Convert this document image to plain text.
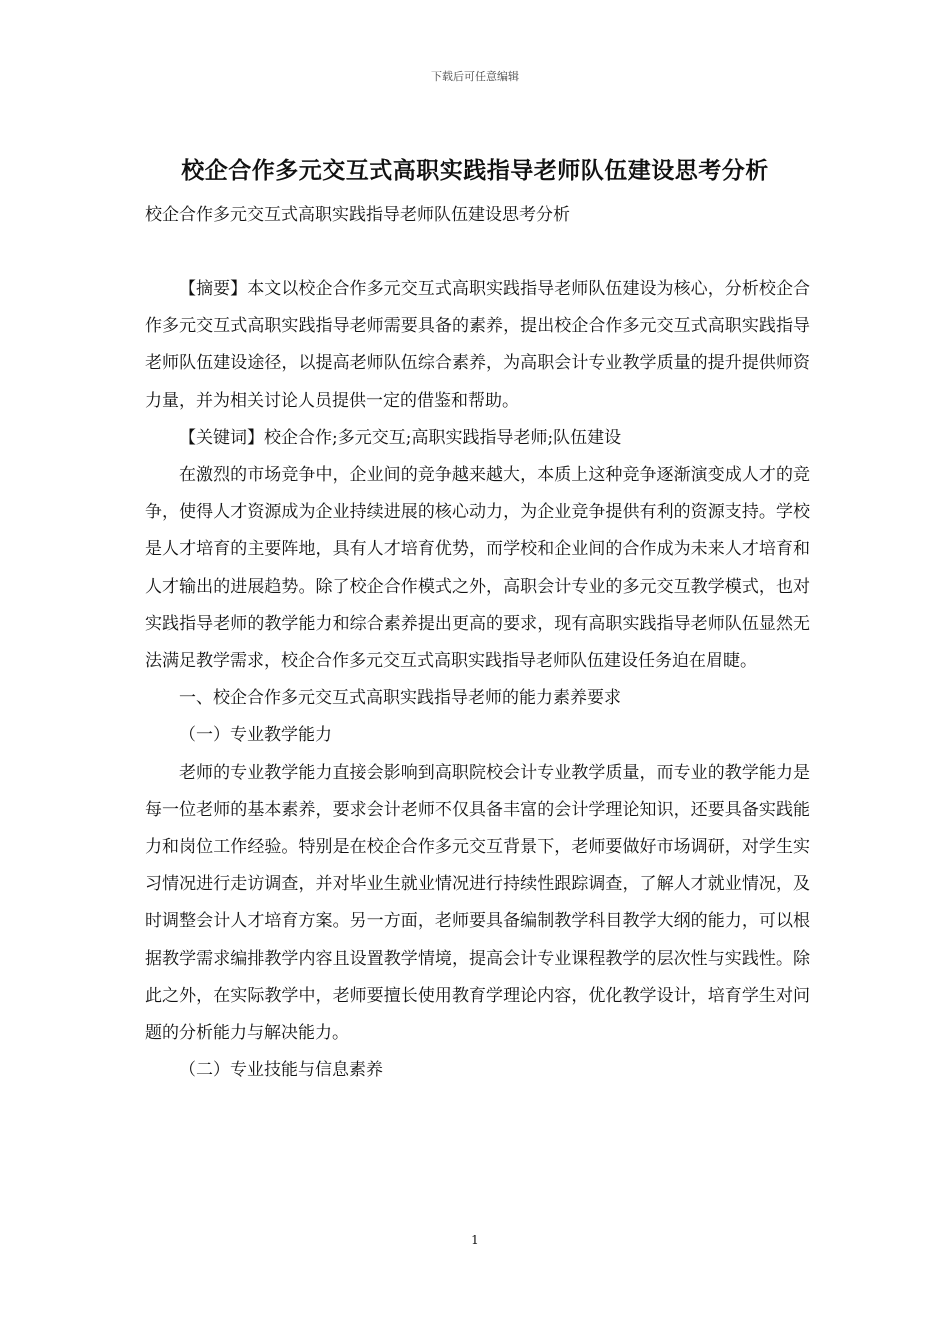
下载后可任意编辑
校企合作多元交互式高职实践指导老师队伍建设思考分析
校企合作多元交互式高职实践指导老师队伍建设思考分析

【摘要】本文以校企合作多元交互式高职实践指导老师队伍建设为核心，分析校企合作多元交互式高职实践指导老师需要具备的素养，提出校企合作多元交互式高职实践指导老师队伍建设途径，以提高老师队伍综合素养，为高职会计专业教学质量的提升提供师资力量，并为相关讨论人员提供一定的借鉴和帮助。

【关键词】校企合作;多元交互;高职实践指导老师;队伍建设

在激烈的市场竞争中，企业间的竞争越来越大，本质上这种竞争逐渐演变成人才的竞争，使得人才资源成为企业持续进展的核心动力，为企业竞争提供有利的资源支持。学校是人才培育的主要阵地，具有人才培育优势，而学校和企业间的合作成为未来人才培育和人才输出的进展趋势。除了校企合作模式之外，高职会计专业的多元交互教学模式，也对实践指导老师的教学能力和综合素养提出更高的要求，现有高职实践指导老师队伍显然无法满足教学需求，校企合作多元交互式高职实践指导老师队伍建设任务迫在眉睫。

一、校企合作多元交互式高职实践指导老师的能力素养要求

（一）专业教学能力

老师的专业教学能力直接会影响到高职院校会计专业教学质量，而专业的教学能力是每一位老师的基本素养，要求会计老师不仅具备丰富的会计学理论知识，还要具备实践能力和岗位工作经验。特别是在校企合作多元交互背景下，老师要做好市场调研，对学生实习情况进行走访调查，并对毕业生就业情况进行持续性跟踪调查，了解人才就业情况，及时调整会计人才培育方案。另一方面，老师要具备编制教学科目教学大纲的能力，可以根据教学需求编排教学内容且设置教学情境，提高会计专业课程教学的层次性与实践性。除此之外，在实际教学中，老师要擅长使用教育学理论内容，优化教学设计，培育学生对问题的分析能力与解决能力。

（二）专业技能与信息素养

1
